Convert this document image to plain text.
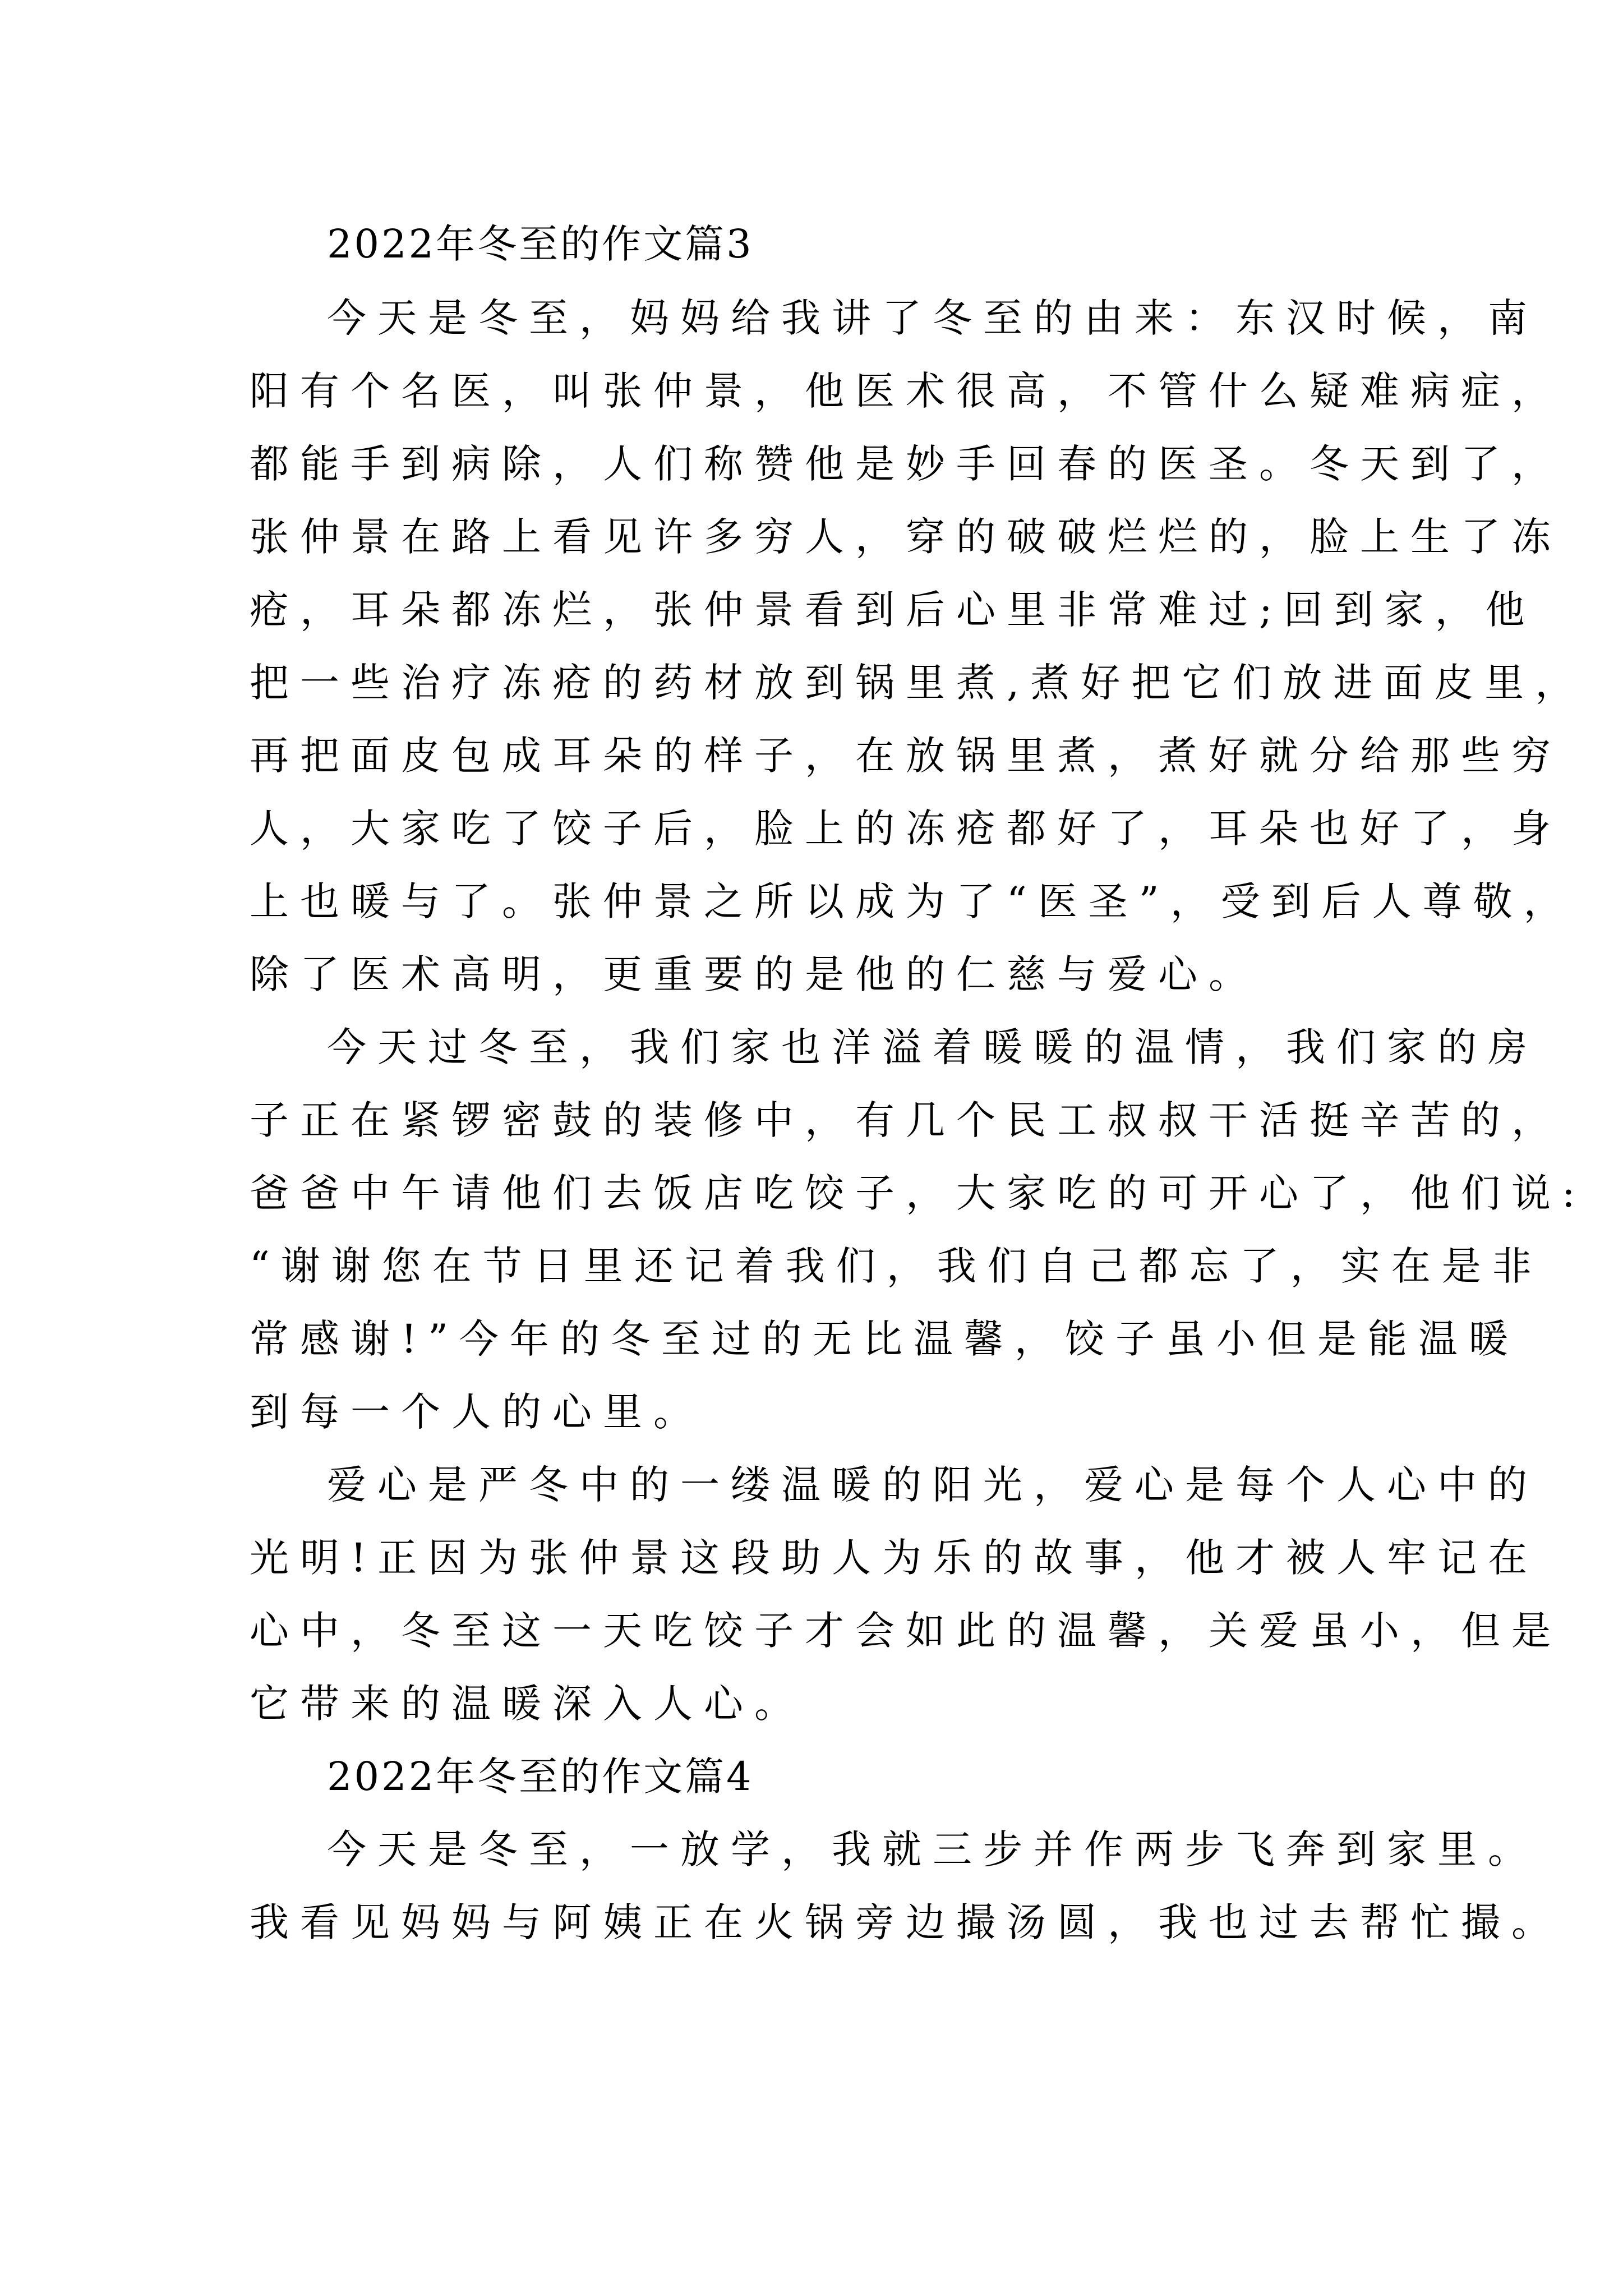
2022年冬至的作文篇3
今天是冬至，妈妈给我讲了冬至的由来：东汉时候，南
阳有个名医，叫张仲景，他医术很高，不管什么疑难病症，
都能手到病除，人们称赞他是妙手回春的医圣。冬天到了，
张仲景在路上看见许多穷人，穿的破破烂烂的，脸上生了冻
疮，耳朵都冻烂，张仲景看到后心里非常难过;回到家，他
把一些治疗冻疮的药材放到锅里煮,煮好把它们放进面皮里，
再把面皮包成耳朵的样子，在放锅里煮，煮好就分给那些穷
人，大家吃了饺子后，脸上的冻疮都好了，耳朵也好了，身
上也暖与了。张仲景之所以成为了“医圣”，受到后人尊敬，
除了医术高明，更重要的是他的仁慈与爱心。
今天过冬至，我们家也洋溢着暖暖的温情，我们家的房
子正在紧锣密鼓的装修中，有几个民工叔叔干活挺辛苦的，
爸爸中午请他们去饭店吃饺子，大家吃的可开心了，他们说:
“谢谢您在节日里还记着我们，我们自己都忘了，实在是非
常感谢!”今年的冬至过的无比温馨，饺子虽小但是能温暖
到每一个人的心里。
爱心是严冬中的一缕温暖的阳光，爱心是每个人心中的
光明!正因为张仲景这段助人为乐的故事，他才被人牢记在
心中，冬至这一天吃饺子才会如此的温馨，关爱虽小，但是
它带来的温暖深入人心。
2022年冬至的作文篇4
今天是冬至，一放学，我就三步并作两步飞奔到家里。
我看见妈妈与阿姨正在火锅旁边撮汤圆，我也过去帮忙撮。
